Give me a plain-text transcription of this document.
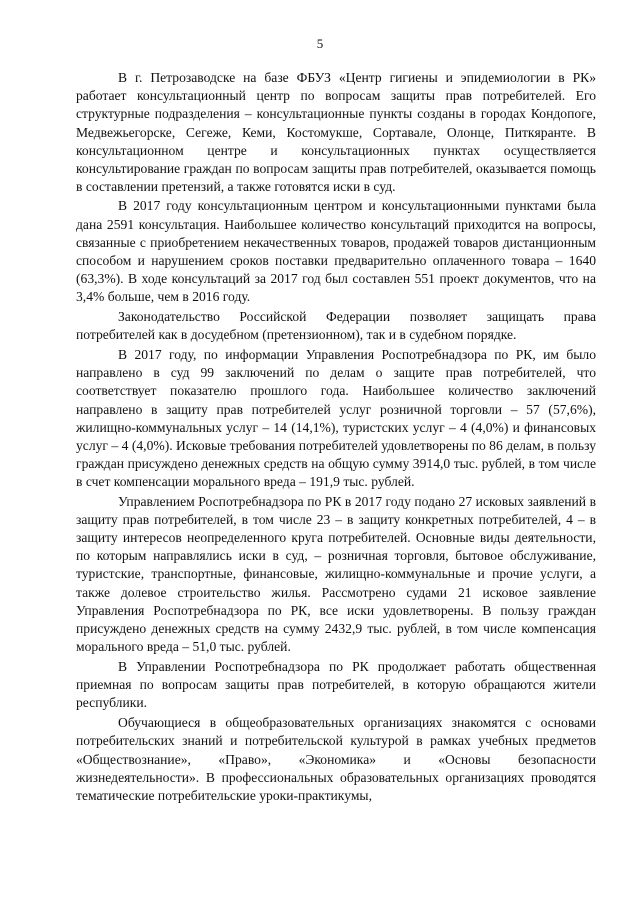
5

В г. Петрозаводске на базе ФБУЗ «Центр гигиены и эпидемиологии в РК» работает консультационный центр по вопросам защиты прав потребителей. Его структурные подразделения – консультационные пункты созданы в городах Кондопоге, Медвежьегорске, Сегеже, Кеми, Костомукше, Сортавале, Олонце, Питкяранте. В консультационном центре и консультационных пунктах осуществляется консультирование граждан по вопросам защиты прав потребителей, оказывается помощь в составлении претензий, а также готовятся иски в суд.

В 2017 году консультационным центром и консультационными пунктами была дана 2591 консультация. Наибольшее количество консультаций приходится на вопросы, связанные с приобретением некачественных товаров, продажей товаров дистанционным способом и нарушением сроков поставки предварительно оплаченного товара – 1640 (63,3%). В ходе консультаций за 2017 год был составлен 551 проект документов, что на 3,4% больше, чем в 2016 году.

Законодательство Российской Федерации позволяет защищать права потребителей как в досудебном (претензионном), так и в судебном порядке.

В 2017 году, по информации Управления Роспотребнадзора по РК, им было направлено в суд 99 заключений по делам о защите прав потребителей, что соответствует показателю прошлого года. Наибольшее количество заключений направлено в защиту прав потребителей услуг розничной торговли – 57 (57,6%), жилищно-коммунальных услуг – 14 (14,1%), туристских услуг – 4 (4,0%) и финансовых услуг – 4 (4,0%). Исковые требования потребителей удовлетворены по 86 делам, в пользу граждан присуждено денежных средств на общую сумму 3914,0 тыс. рублей, в том числе в счет компенсации морального вреда – 191,9 тыс. рублей.

Управлением Роспотребнадзора по РК в 2017 году подано 27 исковых заявлений в защиту прав потребителей, в том числе 23 – в защиту конкретных потребителей, 4 – в защиту интересов неопределенного круга потребителей. Основные виды деятельности, по которым направлялись иски в суд, – розничная торговля, бытовое обслуживание, туристские, транспортные, финансовые, жилищно-коммунальные и прочие услуги, а также долевое строительство жилья. Рассмотрено судами 21 исковое заявление Управления Роспотребнадзора по РК, все иски удовлетворены. В пользу граждан присуждено денежных средств на сумму 2432,9 тыс. рублей, в том числе компенсация морального вреда – 51,0 тыс. рублей.

В Управлении Роспотребнадзора по РК продолжает работать общественная приемная по вопросам защиты прав потребителей, в которую обращаются жители республики.

Обучающиеся в общеобразовательных организациях знакомятся с основами потребительских знаний и потребительской культурой в рамках учебных предметов «Обществознание», «Право», «Экономика» и «Основы безопасности жизнедеятельности». В профессиональных образовательных организациях проводятся тематические потребительские уроки-практикумы,
